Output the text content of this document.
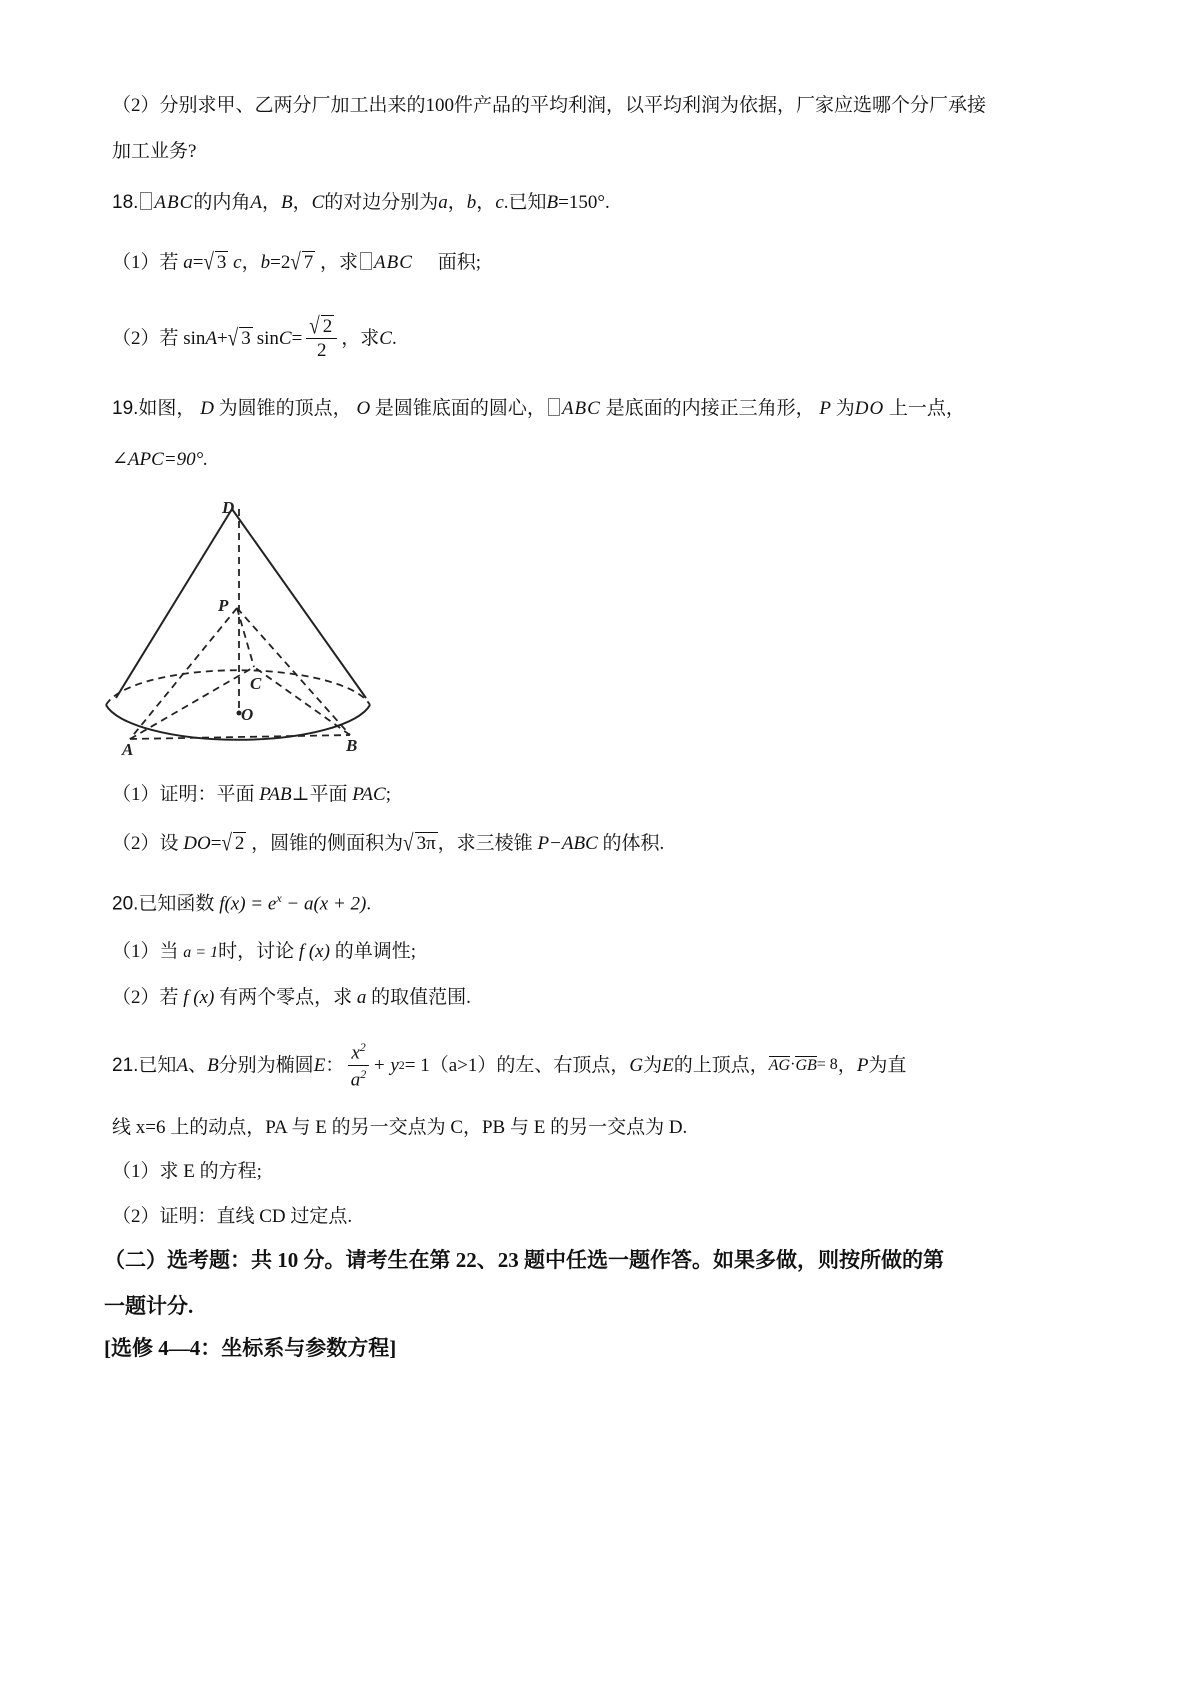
（2）分别求甲、乙两分厂加工出来的100件产品的平均利润，以平均利润为依据，厂家应选哪个分厂承接
加工业务?
18. ABC的内角A，B，C的对边分别为a，b，c.已知B=150°.
（1）若 a=√ 3 c，b=2√ 7 ，求 ABC 面积;
（2）若 sin A + √ 3 $\sin C = \frac{√ 2}{2}$ ，求 C .
19.如图， D 为圆锥的顶点， O 是圆锥底面的圆心， ABC 是底面的内接正三角形， P 为DO 上一点，
∠APC=90°.
D
P
C
O
A	B
（1）证明：平面 PAB⊥平面 PAC;
（2）设 DO=√ 2 ，圆锥的侧面积为√ 3π ，求三棱锥 P−ABC 的体积.
20.已知函数 $f(x) = e^x - a(x + 2)$.
（1）当 a = 1时，讨论 f (x) 的单调性;
（2）若 f (x) 有两个零点，求 a 的取值范围.
21. 已知 A 、 B 分别为椭圆 E ： $\frac{x^2}{a^2} + y$ 2 = 1 （a>1） 的左、右顶点， G 为 E 的上顶点， AG · GB = 8 ， P 为直
线 x=6 上的动点，PA 与 E 的另一交点为 C，PB 与 E 的另一交点为 D.
（1）求 E 的方程;
（2）证明：直线 CD 过定点.
（二）选考题：共 10 分。请考生在第 22、23 题中任选一题作答。如果多做，则按所做的第
一题计分.
[选修 4—4：坐标系与参数方程]
